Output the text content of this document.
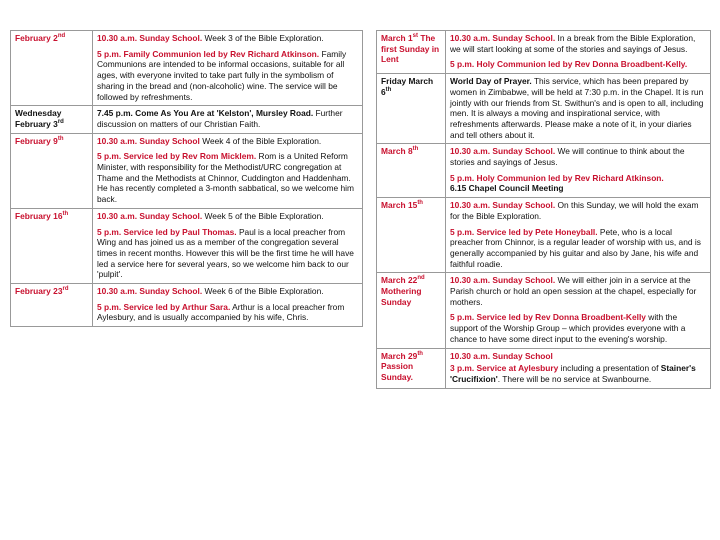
February 2nd	10.30 a.m. Sunday School. Week 3 of the Bible Exploration.
5 p.m. Family Communion led by Rev Richard Atkinson. Family Communions are intended to be informal occasions, suitable for all ages, with everyone invited to take part fully in the symbolism of sharing in the bread and (non-alcoholic) wine. The service will be followed by refreshments.

Wednesday February 3rd	7.45 p.m. Come As You Are at 'Kelston', Mursley Road. Further discussion on matters of our Christian Faith.

February 9th	10.30 a.m. Sunday School Week 4 of the Bible Exploration.
5 p.m. Service led by Rev Rom Micklem. Rom is a United Reform Minister, with responsibility for the Methodist/URC congregation at Thame and the Methodists at Chinnor, Cuddington and Haddenham. He has recently completed a 3-month sabbatical, so we welcome him back.

February 16th	10.30 a.m. Sunday School. Week 5 of the Bible Exploration.
5 p.m. Service led by Paul Thomas. Paul is a local preacher from Wing and has joined us as a member of the congregation several times in recent months. However this will be the first time he will have led a service here for several years, so we welcome him back to our 'pulpit'.

February 23rd	10.30 a.m. Sunday School. Week 6 of the Bible Exploration.
5 p.m. Service led by Arthur Sara. Arthur is a local preacher from Aylesbury, and is usually accompanied by his wife, Chris.
March 1st The first Sunday in Lent	10.30 a.m. Sunday School. In a break from the Bible Exploration, we will start looking at some of the stories and sayings of Jesus.
5 p.m. Holy Communion led by Rev Donna Broadbent-Kelly.

Friday March 6th	World Day of Prayer. This service, which has been prepared by women in Zimbabwe, will be held at 7:30 p.m. in the Chapel. It is run jointly with our friends from St. Swithun's and is open to all, including men. It is always a moving and inspirational service, with refreshments afterwards. Please make a note of it, in your diaries and tell others about it.

March 8th	10.30 a.m. Sunday School. We will continue to think about the stories and sayings of Jesus.
5 p.m. Holy Communion led by Rev Richard Atkinson.
6.15 Chapel Council Meeting

March 15th	10.30 a.m. Sunday School. On this Sunday, we will hold the exam for the Bible Exploration.
5 p.m. Service led by Pete Honeyball. Pete, who is a local preacher from Chinnor, is a regular leader of worship with us, and is generally accompanied by his guitar and also by Jane, his wife and faithful roadie.

March 22nd Mothering Sunday	10.30 a.m. Sunday School. We will either join in a service at the Parish church or hold an open session at the chapel, especially for mothers.
5 p.m. Service led by Rev Donna Broadbent-Kelly with the support of the Worship Group – which provides everyone with a chance to have some direct input to the evening's worship.

March 29th Passion Sunday.	10.30 a.m. Sunday School
3 p.m. Service at Aylesbury including a presentation of Stainer's 'Crucifixion'. There will be no service at Swanbourne.
